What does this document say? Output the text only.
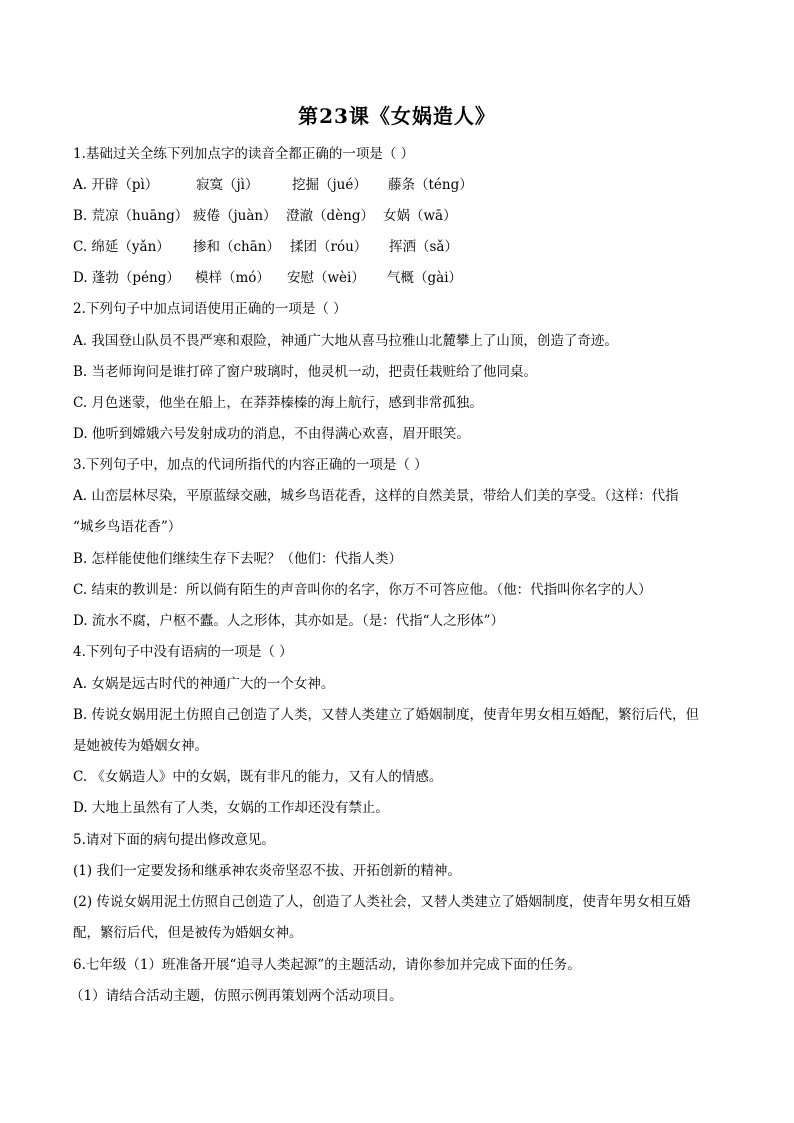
第23课《女娲造人》
1.基础过关全练下列加点字的读音全都正确的一项是（ ）
A. 开辟（pì）	寂寞（jì） 挖掘（jué） 藤条（téng）
B. 荒凉（huāng） 疲倦（juàn） 澄澈（dèng） 女娲（wā）
C. 绵延（yǎn） 掺和（chān） 揉团（róu） 挥洒（sǎ）
D. 蓬勃（péng） 模样（mó） 安慰（wèi） 气概（gài）
2.下列句子中加点词语使用正确的一项是（ ）
A. 我国登山队员不畏严寒和艰险，神通广大地从喜马拉雅山北麓攀上了山顶，创造了奇迹。
B. 当老师询问是谁打碎了窗户玻璃时，他灵机一动，把责任栽赃给了他同桌。
C. 月色迷蒙，他坐在船上，在莽莽榛榛的海上航行，感到非常孤独。
D. 他听到嫦娥六号发射成功的消息，不由得满心欢喜，眉开眼笑。
3.下列句子中，加点的代词所指代的内容正确的一项是（ ）
A. 山峦层林尽染，平原蓝绿交融，城乡鸟语花香，这样的自然美景，带给人们美的享受。（这样：代指
“城乡鸟语花香”）
B. 怎样能使他们继续生存下去呢？（他们：代指人类）
C. 结束的教训是：所以倘有陌生的声音叫你的名字，你万不可答应他。（他：代指叫你名字的人）
D. 流水不腐，户枢不蠹。人之形体，其亦如是。（是：代指“人之形体”）
4.下列句子中没有语病的一项是（ ）
A. 女娲是远古时代的神通广大的一个女神。
B. 传说女娲用泥土仿照自己创造了人类，又替人类建立了婚姻制度，使青年男女相互婚配，繁衍后代，但
是她被传为婚姻女神。
C. 《女娲造人》中的女娲，既有非凡的能力，又有人的情感。
D. 大地上虽然有了人类，女娲的工作却还没有禁止。
5.请对下面的病句提出修改意见。
(1) 我们一定要发扬和继承神农炎帝坚忍不拔、开拓创新的精神。
(2) 传说女娲用泥土仿照自己创造了人，创造了人类社会，又替人类建立了婚姻制度，使青年男女相互婚
配，繁衍后代，但是被传为婚姻女神。
6.七年级（1）班准备开展“追寻人类起源”的主题活动，请你参加并完成下面的任务。
（1）请结合活动主题，仿照示例再策划两个活动项目。
